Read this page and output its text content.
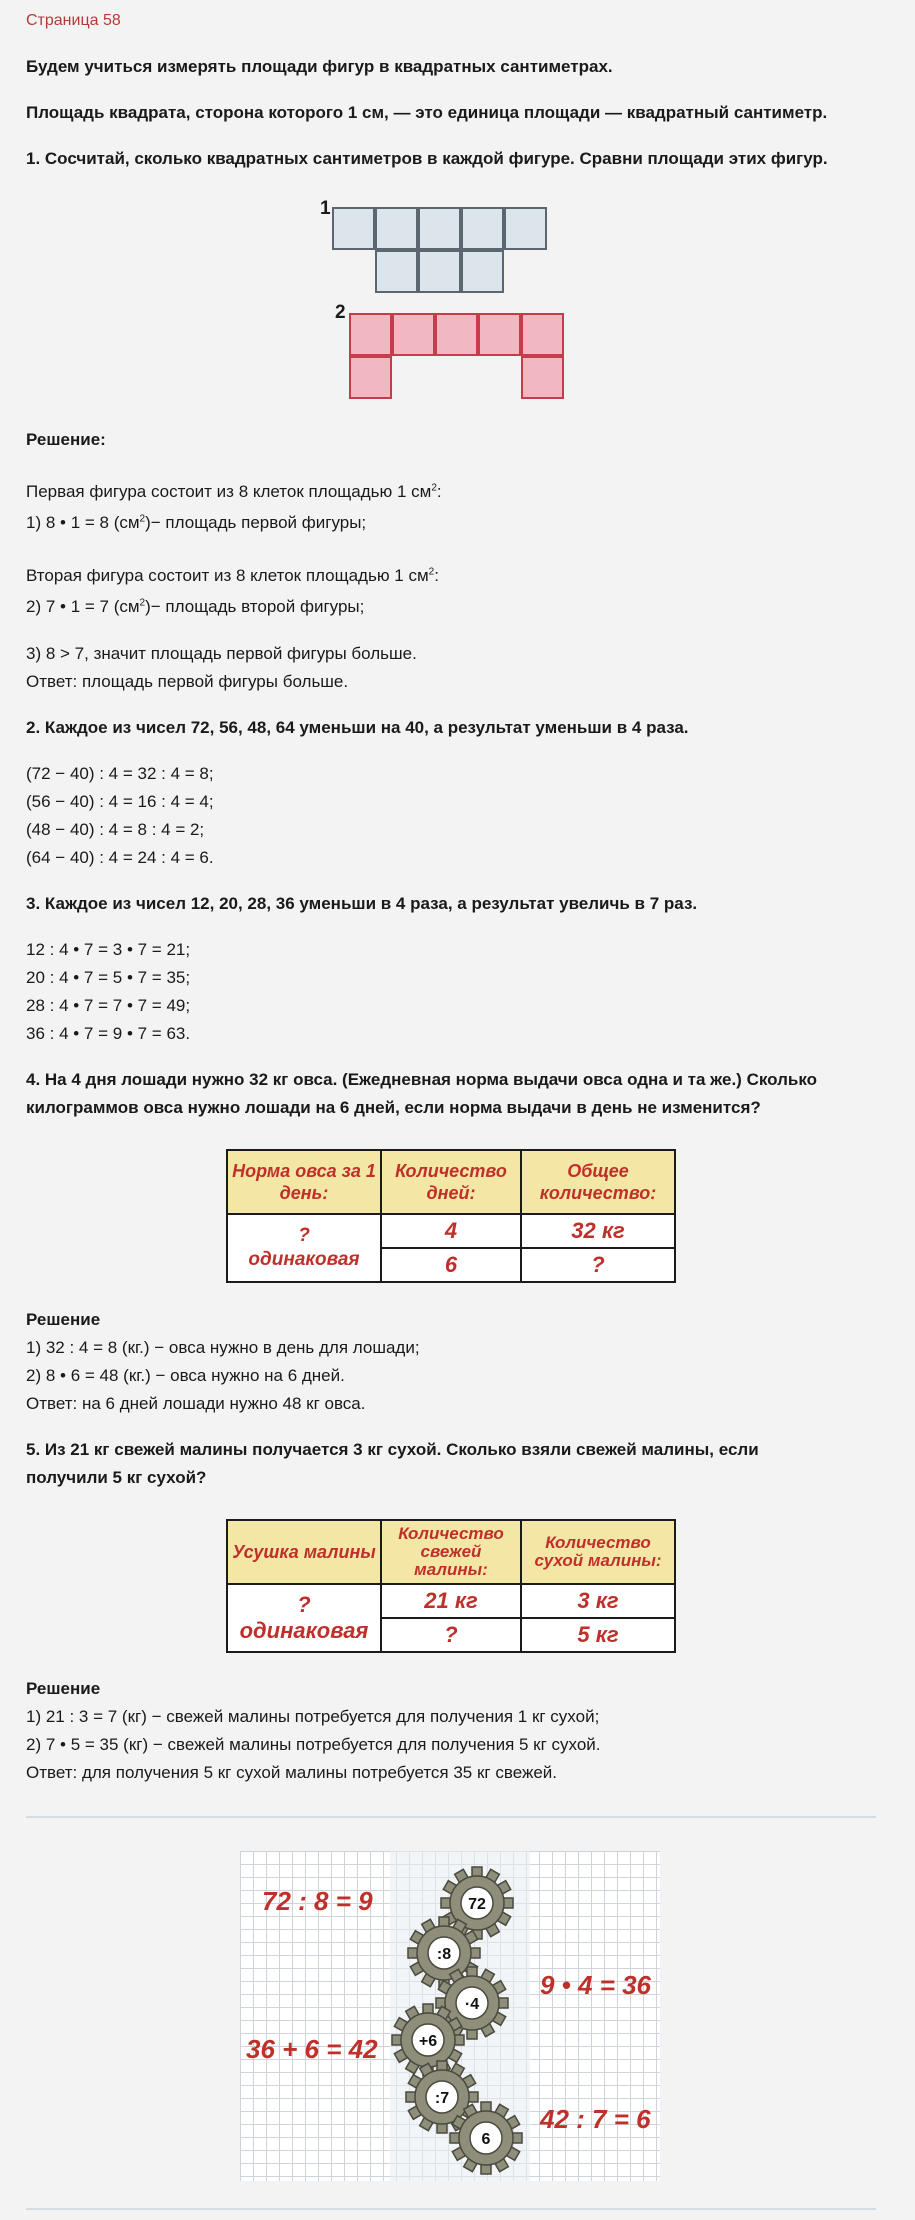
Страница 58
Будем учиться измерять площади фигур в квадратных сантиметрах.
Площадь квадрата, сторона которого 1 см, — это единица площади — квадратный сантиметр.
1. Сосчитай, сколько квадратных сантиметров в каждой фигуре. Сравни площади этих фигур.
1
2
Решение:
Первая фигура состоит из 8 клеток площадью 1 $см^2$:
1) 8 • 1 = 8 $(см^2)-$ площадь первой фигуры;
Вторая фигура состоит из 8 клеток площадью 1 $см^2$:
2) 7 • 1 = 7 $(см^2)-$ площадь второй фигуры;
3) 8 > 7, значит площадь первой фигуры больше.
Ответ: площадь первой фигуры больше.
2. Каждое из чисел 72, 56, 48, 64 уменьши на 40, а результат уменьши в 4 раза.
(72 − 40) : 4 = 32 : 4 = 8;
(56 − 40) : 4 = 16 : 4 = 4;
(48 − 40) : 4 = 8 : 4 = 2;
(64 − 40) : 4 = 24 : 4 = 6.
3. Каждое из чисел 12, 20, 28, 36 уменьши в 4 раза, а результат увеличь в 7 раз.
12 : 4 • 7 = 3 • 7 = 21;
20 : 4 • 7 = 5 • 7 = 35;
28 : 4 • 7 = 7 • 7 = 49;
36 : 4 • 7 = 9 • 7 = 63.
4. На 4 дня лошади нужно 32 кг овса. (Ежедневная норма выдачи овса одна и та же.) Сколько
килограммов овса нужно лошади на 6 дней, если норма выдачи в день не изменится?
Норма овса за 1 день:	Количество дней:	Общее количество:
?
одинаковая	4	32 кг
	6	?
Решение
1) 32 : 4 = 8 (кг.) − овса нужно в день для лошади;
2) 8 • 6 = 48 (кг.) − овса нужно на 6 дней.
Ответ: на 6 дней лошади нужно 48 кг овса.
5. Из 21 кг свежей малины получается 3 кг сухой. Сколько взяли свежей малины, если
получили 5 кг сухой?
Усушка малины	Количество свежей малины:	Количество сухой малины:
?
одинаковая	21 кг	3 кг
	?	5 кг
Решение
1) 21 : 3 = 7 (кг) − свежей малины потребуется для получения 1 кг сухой;
2) 7 • 5 = 35 (кг) − свежей малины потребуется для получения 5 кг сухой.
Ответ: для получения 5 кг сухой малины потребуется 35 кг свежей.
72 : 8 = 9
9 • 4 = 36
36 + 6 = 42
42 : 7 = 6
72
:8
·4
+6
:7
6
